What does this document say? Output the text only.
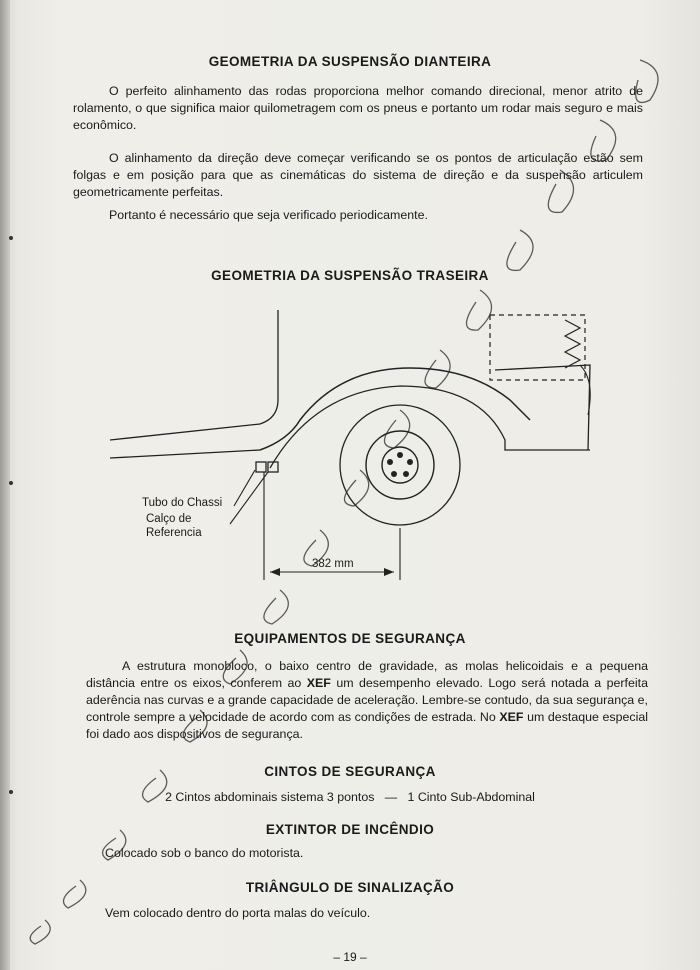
GEOMETRIA DA SUSPENSÃO DIANTEIRA

O perfeito alinhamento das rodas proporciona melhor comando direcional, menor atrito de rolamento, o que significa maior quilometragem com os pneus e portanto um rodar mais seguro e mais econômico.

O alinhamento da direção deve começar verificando se os pontos de articulação estão sem folgas e em posição para que as cinemáticas do sistema de direção e da suspensão articulem geometricamente perfeitas.

Portanto é necessário que seja verificado periodicamente.

GEOMETRIA DA SUSPENSÃO TRASEIRA
Tubo do Chassi
Calço de
Referencia
382 mm
EQUIPAMENTOS DE SEGURANÇA

A estrutura monobloco, o baixo centro de gravidade, as molas helicoidais e a pequena distância entre os eixos, conferem ao XEF um desempenho elevado. Logo será notada a perfeita aderência nas curvas e a grande capacidade de aceleração. Lembre-se contudo, da sua segurança e, controle sempre a velocidade de acordo com as condições de estrada. No XEF um destaque especial foi dado aos dispositivos de segurança.

CINTOS DE SEGURANÇA
2 Cintos abdominais sistema 3 pontos   —   1 Cinto Sub-Abdominal
EXTINTOR DE INCÊNDIO
Colocado sob o banco do motorista.
TRIÂNGULO DE SINALIZAÇÃO
Vem colocado dentro do porta malas do veículo.
– 19 –
